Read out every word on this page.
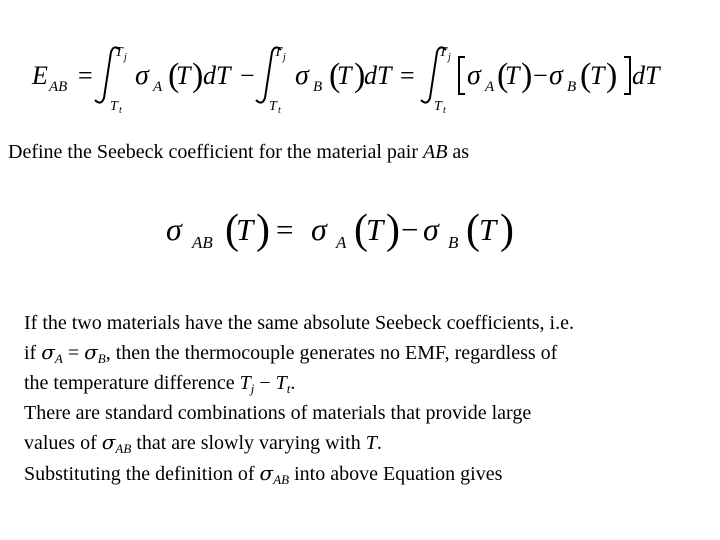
E AB =
T j
T t
σ A (
T ) dT −
T j
T t
σ B (
T )
dT =
T j
T t
σ A (
T ) − σ B (
T ) dT
Define the Seebeck coefficient for the material pair AB as
σ AB (
T ) = σ A (
T ) − σ B ( T )
If the two materials have the same absolute Seebeck coefficients, i.e.
if $\sigma_A = \sigma_B$, then the thermocouple generates no EMF, regardless of
the temperature difference $T_j - T_t$.
There are standard combinations of materials that provide large
values of $\sigma_{AB}$ that are slowly varying with T.
Substituting the definition of $\sigma_{AB}$ into above Equation gives
